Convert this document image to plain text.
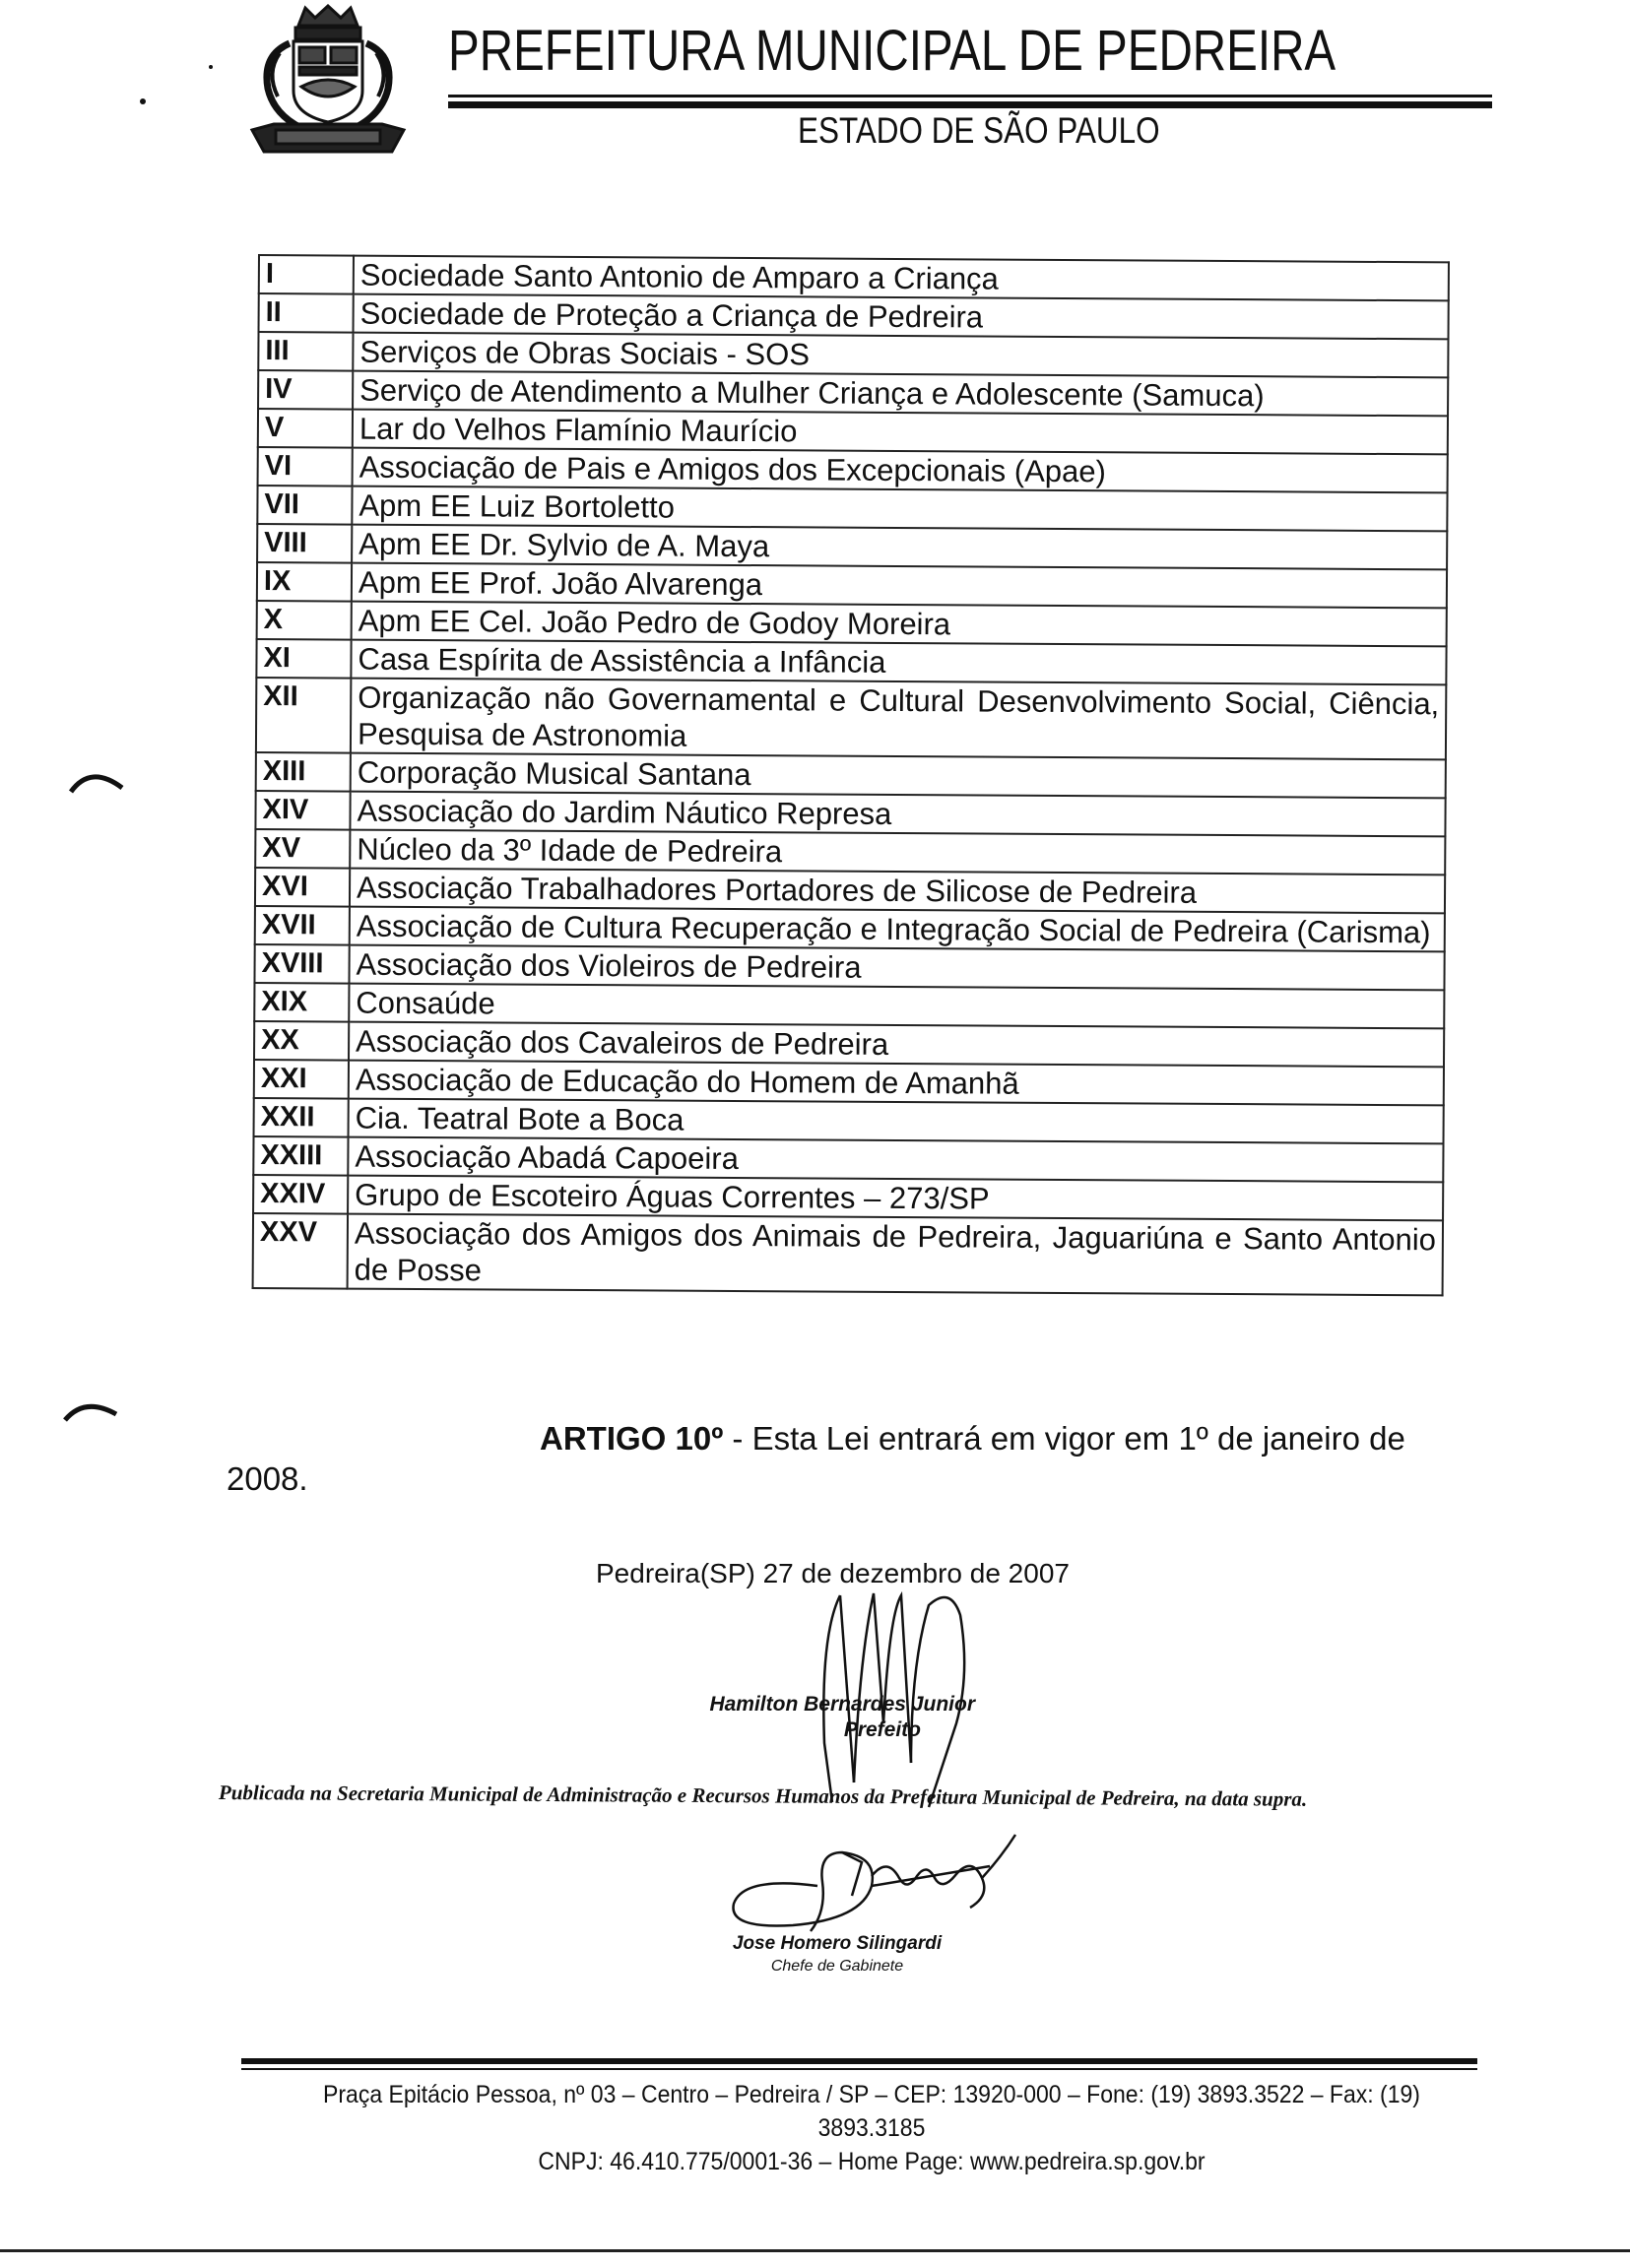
PREFEITURA MUNICIPAL DE PEDREIRA
ESTADO DE SÃO PAULO
I	Sociedade Santo Antonio de Amparo a Criança
II	Sociedade de Proteção a Criança de Pedreira
III	Serviços de Obras Sociais - SOS
IV	Serviço de Atendimento a Mulher Criança e Adolescente (Samuca)
V	Lar do Velhos Flamínio Maurício
VI	Associação de Pais e Amigos dos Excepcionais (Apae)
VII	Apm EE Luiz Bortoletto
VIII	Apm EE Dr. Sylvio de A. Maya
IX	Apm EE Prof. João Alvarenga
X	Apm EE Cel. João Pedro de Godoy Moreira
XI	Casa Espírita de Assistência a Infância
XII	Organização não Governamental e Cultural Desenvolvimento Social, Ciência, Pesquisa de Astronomia
XIII	Corporação Musical Santana
XIV	Associação do Jardim Náutico Represa
XV	Núcleo da 3º Idade de Pedreira
XVI	Associação Trabalhadores Portadores de Silicose de Pedreira
XVII	Associação de Cultura Recuperação e Integração Social de Pedreira (Carisma)
XVIII	Associação dos Violeiros de Pedreira
XIX	Consaúde
XX	Associação dos Cavaleiros de Pedreira
XXI	Associação de Educação do Homem de Amanhã
XXII	Cia. Teatral Bote a Boca
XXIII	Associação Abadá Capoeira
XXIV	Grupo de Escoteiro Águas Correntes – 273/SP
XXV	Associação dos Amigos dos Animais de Pedreira, Jaguariúna e Santo Antonio de Posse
ARTIGO 10º - Esta Lei entrará em vigor em 1º de janeiro de
2008.
Pedreira(SP) 27 de dezembro de 2007
Hamilton Bernardes Junior
Prefeito
Publicada na Secretaria Municipal de Administração e Recursos Humanos da Prefeitura Municipal de Pedreira, na data supra.
Jose Homero Silingardi
Chefe de Gabinete
Praça Epitácio Pessoa, nº 03 – Centro – Pedreira / SP – CEP: 13920-000 – Fone: (19) 3893.3522 – Fax: (19) 3893.3185
CNPJ: 46.410.775/0001-36 – Home Page: www.pedreira.sp.gov.br
